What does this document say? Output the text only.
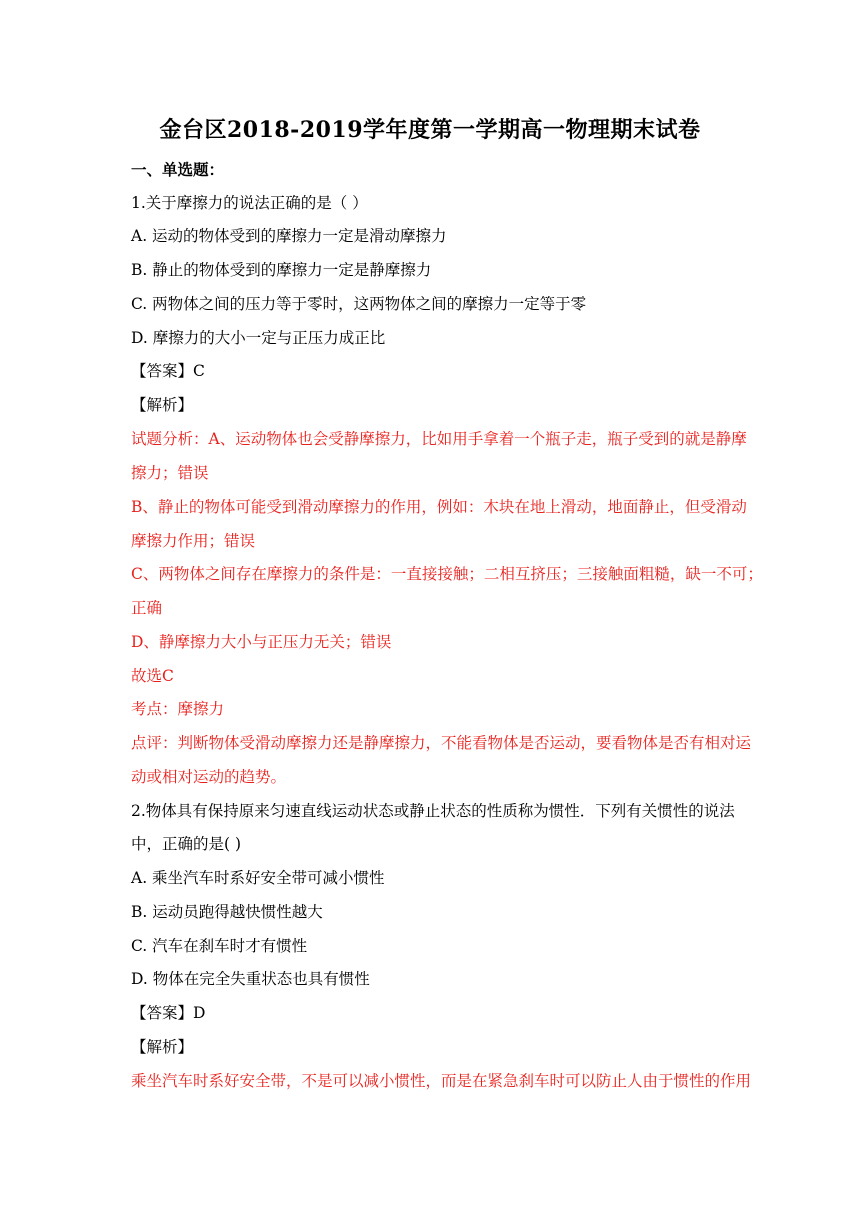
金台区2018-2019学年度第一学期高一物理期末试卷
一、单选题：
1.关于摩擦力的说法正确的是（ ）
A. 运动的物体受到的摩擦力一定是滑动摩擦力
B. 静止的物体受到的摩擦力一定是静摩擦力
C. 两物体之间的压力等于零时，这两物体之间的摩擦力一定等于零
D. 摩擦力的大小一定与正压力成正比
【答案】C
【解析】
试题分析：A、运动物体也会受静摩擦力，比如用手拿着一个瓶子走，瓶子受到的就是静摩
擦力；错误
B、静止的物体可能受到滑动摩擦力的作用，例如：木块在地上滑动，地面静止，但受滑动
摩擦力作用；错误
C、两物体之间存在摩擦力的条件是：一直接接触；二相互挤压；三接触面粗糙，缺一不可；
正确
D、静摩擦力大小与正压力无关；错误
故选C
考点：摩擦力
点评：判断物体受滑动摩擦力还是静摩擦力，不能看物体是否运动，要看物体是否有相对运
动或相对运动的趋势。
2.物体具有保持原来匀速直线运动状态或静止状态的性质称为惯性．下列有关惯性的说法
中，正确的是( )
A. 乘坐汽车时系好安全带可减小惯性
B. 运动员跑得越快惯性越大
C. 汽车在刹车时才有惯性
D. 物体在完全失重状态也具有惯性
【答案】D
【解析】
乘坐汽车时系好安全带，不是可以减小惯性，而是在紧急刹车时可以防止人由于惯性的作用
